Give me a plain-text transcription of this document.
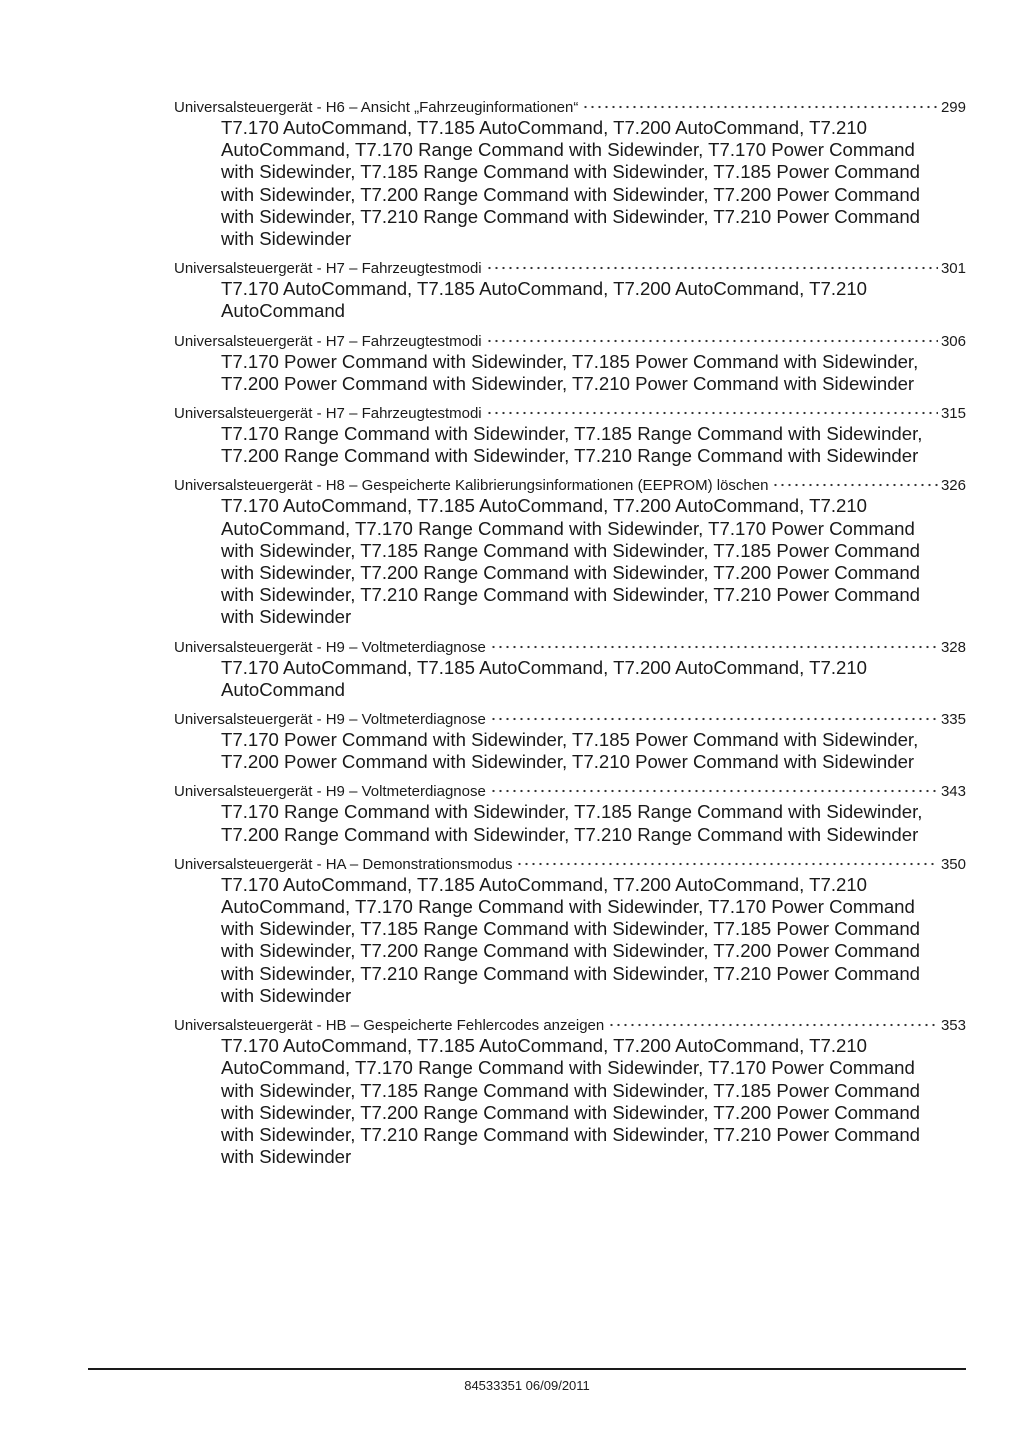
Universalsteuergerät - H6 – Ansicht „Fahrzeuginformationen“	299
T7.170 AutoCommand, T7.185 AutoCommand, T7.200 AutoCommand, T7.210 AutoCommand, T7.170 Range Command with Sidewinder, T7.170 Power Command with Sidewinder, T7.185 Range Command with Sidewinder, T7.185 Power Command with Sidewinder, T7.200 Range Command with Sidewinder, T7.200 Power Command with Sidewinder, T7.210 Range Command with Sidewinder, T7.210 Power Command with Sidewinder
Universalsteuergerät - H7 – Fahrzeugtestmodi	301
T7.170 AutoCommand, T7.185 AutoCommand, T7.200 AutoCommand, T7.210 AutoCommand
Universalsteuergerät - H7 – Fahrzeugtestmodi	306
T7.170 Power Command with Sidewinder, T7.185 Power Command with Sidewinder, T7.200 Power Command with Sidewinder, T7.210 Power Command with Sidewinder
Universalsteuergerät - H7 – Fahrzeugtestmodi	315
T7.170 Range Command with Sidewinder, T7.185 Range Command with Sidewinder, T7.200 Range Command with Sidewinder, T7.210 Range Command with Sidewinder
Universalsteuergerät - H8 – Gespeicherte Kalibrierungsinformationen (EEPROM) löschen	326
T7.170 AutoCommand, T7.185 AutoCommand, T7.200 AutoCommand, T7.210 AutoCommand, T7.170 Range Command with Sidewinder, T7.170 Power Command with Sidewinder, T7.185 Range Command with Sidewinder, T7.185 Power Command with Sidewinder, T7.200 Range Command with Sidewinder, T7.200 Power Command with Sidewinder, T7.210 Range Command with Sidewinder, T7.210 Power Command with Sidewinder
Universalsteuergerät - H9 – Voltmeterdiagnose	328
T7.170 AutoCommand, T7.185 AutoCommand, T7.200 AutoCommand, T7.210 AutoCommand
Universalsteuergerät - H9 – Voltmeterdiagnose	335
T7.170 Power Command with Sidewinder, T7.185 Power Command with Sidewinder, T7.200 Power Command with Sidewinder, T7.210 Power Command with Sidewinder
Universalsteuergerät - H9 – Voltmeterdiagnose	343
T7.170 Range Command with Sidewinder, T7.185 Range Command with Sidewinder, T7.200 Range Command with Sidewinder, T7.210 Range Command with Sidewinder
Universalsteuergerät - HA – Demonstrationsmodus	350
T7.170 AutoCommand, T7.185 AutoCommand, T7.200 AutoCommand, T7.210 AutoCommand, T7.170 Range Command with Sidewinder, T7.170 Power Command with Sidewinder, T7.185 Range Command with Sidewinder, T7.185 Power Command with Sidewinder, T7.200 Range Command with Sidewinder, T7.200 Power Command with Sidewinder, T7.210 Range Command with Sidewinder, T7.210 Power Command with Sidewinder
Universalsteuergerät - HB – Gespeicherte Fehlercodes anzeigen	353
T7.170 AutoCommand, T7.185 AutoCommand, T7.200 AutoCommand, T7.210 AutoCommand, T7.170 Range Command with Sidewinder, T7.170 Power Command with Sidewinder, T7.185 Range Command with Sidewinder, T7.185 Power Command with Sidewinder, T7.200 Range Command with Sidewinder, T7.200 Power Command with Sidewinder, T7.210 Range Command with Sidewinder, T7.210 Power Command with Sidewinder
84533351 06/09/2011
